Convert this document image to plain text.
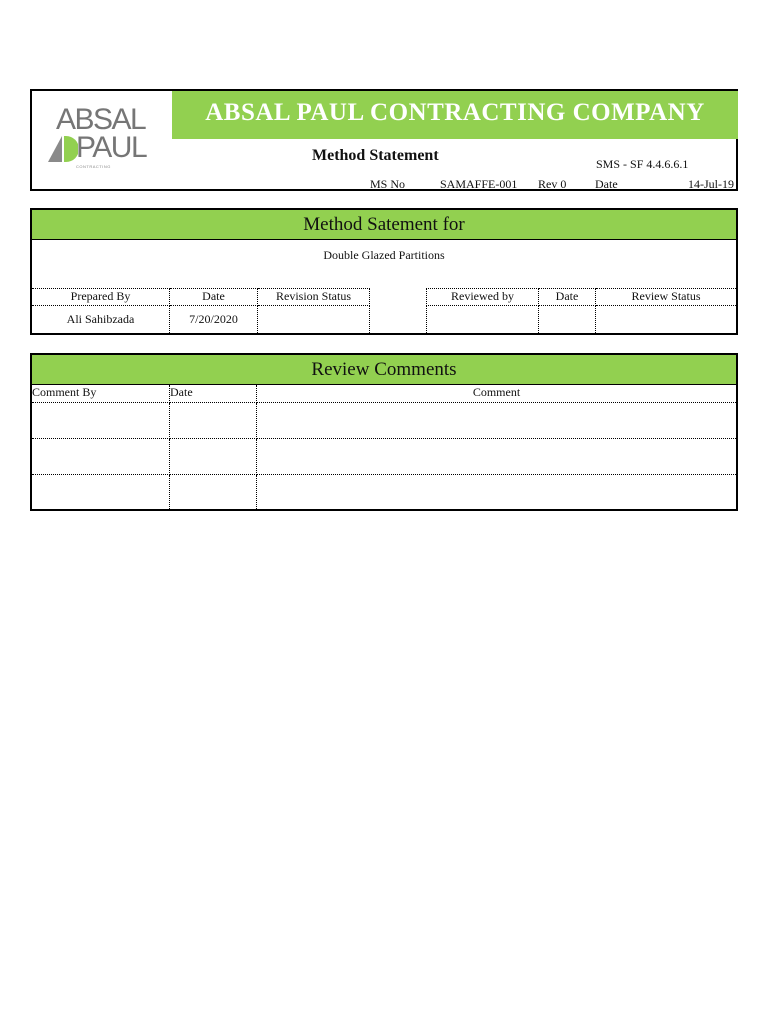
ABSAL
PAUL
CONTRACTING
ABSAL PAUL CONTRACTING COMPANY
Method Statement	SMS - SF 4.4.6.6.1
MS No	SAMAFFE-001 Rev 0 Date	14-Jul-19
Method Satement for
Double Glazed Partitions
Prepared By	Date	Revision Status
Ali Sahibzada	7/20/2020
Reviewed by	Date	Review Status
Review Comments
Comment By	Date	Comment
